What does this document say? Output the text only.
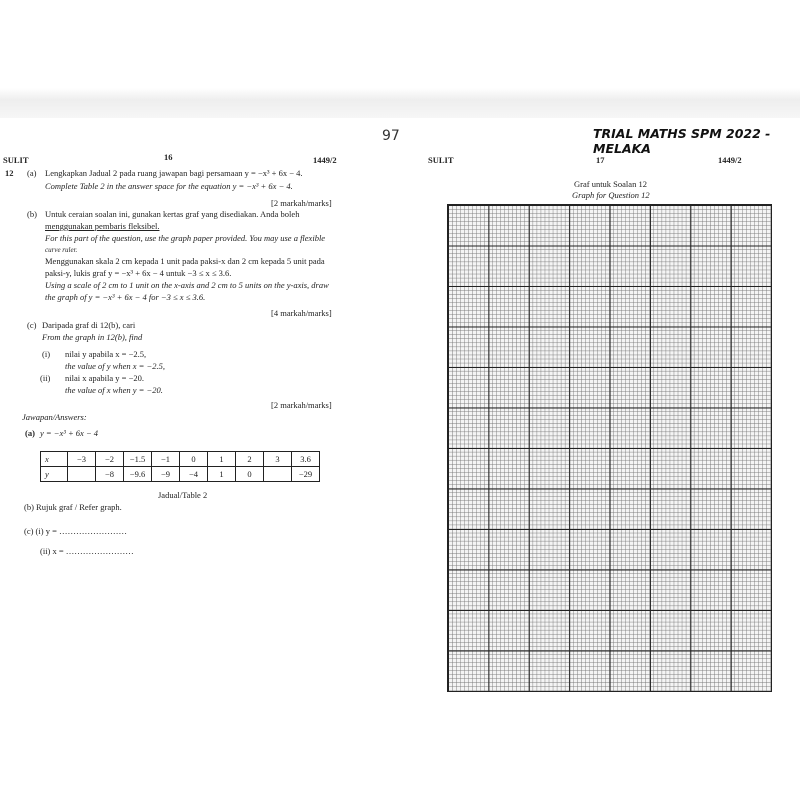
97	TRIAL MATHS SPM 2022 - MELAKA
SULIT	16	1449/2
12 (a) Lengkapkan Jadual 2 pada ruang jawapan bagi persamaan y = −x³ + 6x − 4.
Complete Table 2 in the answer space for the equation y = −x³ + 6x − 4.
[2 markah/marks]
(b) Untuk ceraian soalan ini, gunakan kertas graf yang disediakan. Anda boleh
menggunakan pembaris fleksibel.
For this part of the question, use the graph paper provided. You may use a flexible
curve ruler.
Menggunakan skala 2 cm kepada 1 unit pada paksi-x dan 2 cm kepada 5 unit pada
paksi-y, lukis graf y = −x³ + 6x − 4 untuk −3 ≤ x ≤ 3.6.
Using a scale of 2 cm to 1 unit on the x-axis and 2 cm to 5 units on the y-axis, draw
the graph of y = −x³ + 6x − 4 for −3 ≤ x ≤ 3.6.
[4 markah/marks]
(c) Daripada graf di 12(b), cari
From the graph in 12(b), find
(i) nilai y apabila x = −2.5,
the value of y when x = −2.5,
(ii) nilai x apabila y = −20.
the value of x when y = −20.
[2 markah/marks]
Jawapan/Answers:
(a) y = −x³ + 6x − 4
x	−3	−2	−1.5	−1	0	1	2	3	3.6
y		−8	−9.6	−9	−4	1	0		−29
Jadual/Table 2
(b) Rujuk graf / Refer graph.
(c) (i) y = ……………………
(ii) x = ……………………
SULIT	17	1449/2
Graf untuk Soalan 12
Graph for Question 12
